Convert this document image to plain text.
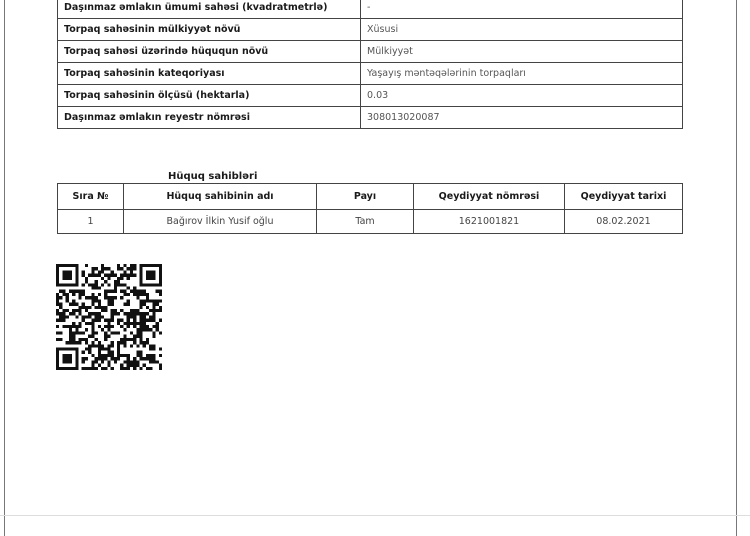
Daşınmaz əmlakın ümumi sahəsi (kvadratmetrlə)	-
Torpaq sahəsinin mülkiyyət növü	Xüsusi
Torpaq sahəsi üzərində hüququn növü	Mülkiyyət
Torpaq sahəsinin kateqoriyası	Yaşayış məntəqələrinin torpaqları
Torpaq sahəsinin ölçüsü (hektarla)	0.03
Daşınmaz əmlakın reyestr nömrəsi	308013020087
Hüquq sahibləri
Sıra №	Hüquq sahibinin adı	Payı	Qeydiyyat nömrəsi	Qeydiyyat tarixi
1	Bağırov İlkin Yusif oğlu	Tam	1621001821	08.02.2021
